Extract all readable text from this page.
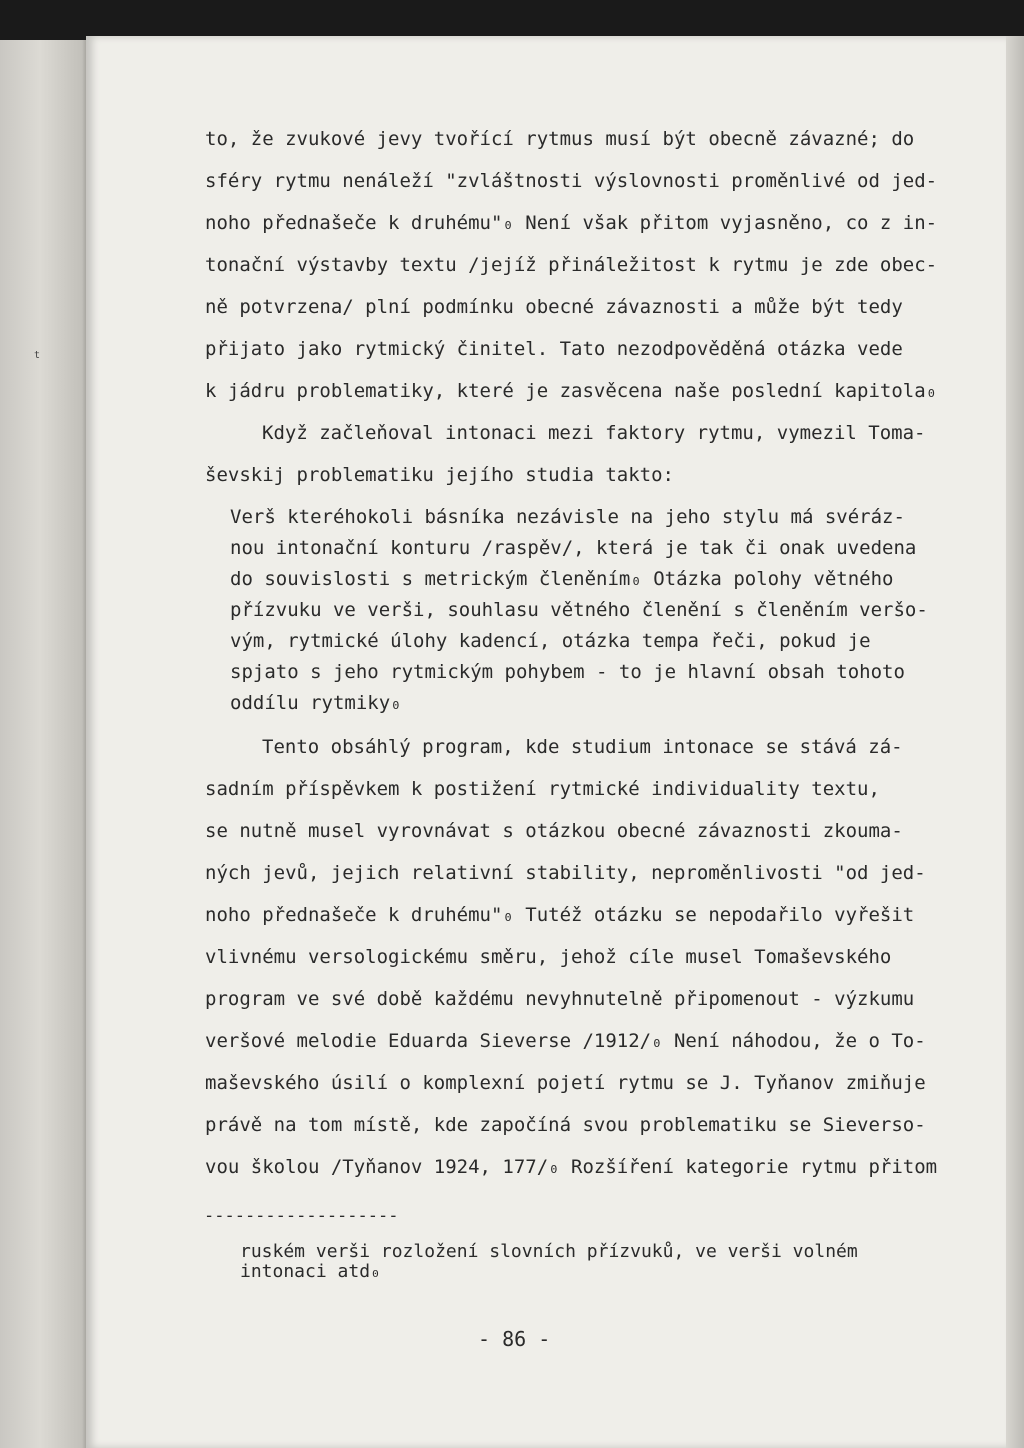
t
to, že zvukové jevy tvořící rytmus musí být obecně závazné; do
sféry rytmu nenáleží "zvláštnosti výslovnosti proměnlivé od jed-
noho přednašeče k druhému"₀ Není však přitom vyjasněno, co z in-
tonační výstavby textu /jejíž přináležitost k rytmu je zde obec-
ně potvrzena/ plní podmínku obecné závaznosti a může být tedy
přijato jako rytmický činitel. Tato nezodpověděná otázka vede
k jádru problematiky, které je zasvěcena naše poslední kapitola₀
Když začleňoval intonaci mezi faktory rytmu, vymezil Toma-
ševskij problematiku jejího studia takto:
Verš kteréhokoli básníka nezávisle na jeho stylu má svéráz-
nou intonační konturu /raspěv/, která je tak či onak uvedena
do souvislosti s metrickým členěním₀ Otázka polohy větného
přízvuku ve verši, souhlasu větného členění s členěním veršo-
vým, rytmické úlohy kadencí, otázka tempa řeči, pokud je
spjato s jeho rytmickým pohybem - to je hlavní obsah tohoto
oddílu rytmiky₀
Tento obsáhlý program, kde studium intonace se stává zá-
sadním příspěvkem k postižení rytmické individuality textu,
se nutně musel vyrovnávat s otázkou obecné závaznosti zkouma-
ných jevů, jejich relativní stability, neproměnlivosti "od jed-
noho přednašeče k druhému"₀ Tutéž otázku se nepodařilo vyřešit
vlivnému versologickému směru, jehož cíle musel Tomaševského
program ve své době každému nevyhnutelně připomenout - výzkumu
veršové melodie Eduarda Sieverse /1912/₀ Není náhodou, že o To-
maševského úsilí o komplexní pojetí rytmu se J. Tyňanov zmiňuje
právě na tom místě, kde započíná svou problematiku se Sieverso-
vou školou /Tyňanov 1924, 177/₀ Rozšíření kategorie rytmu přitom
-------------------
ruském verši rozložení slovních přízvuků, ve verši volném
intonaci atd₀
- 86 -
